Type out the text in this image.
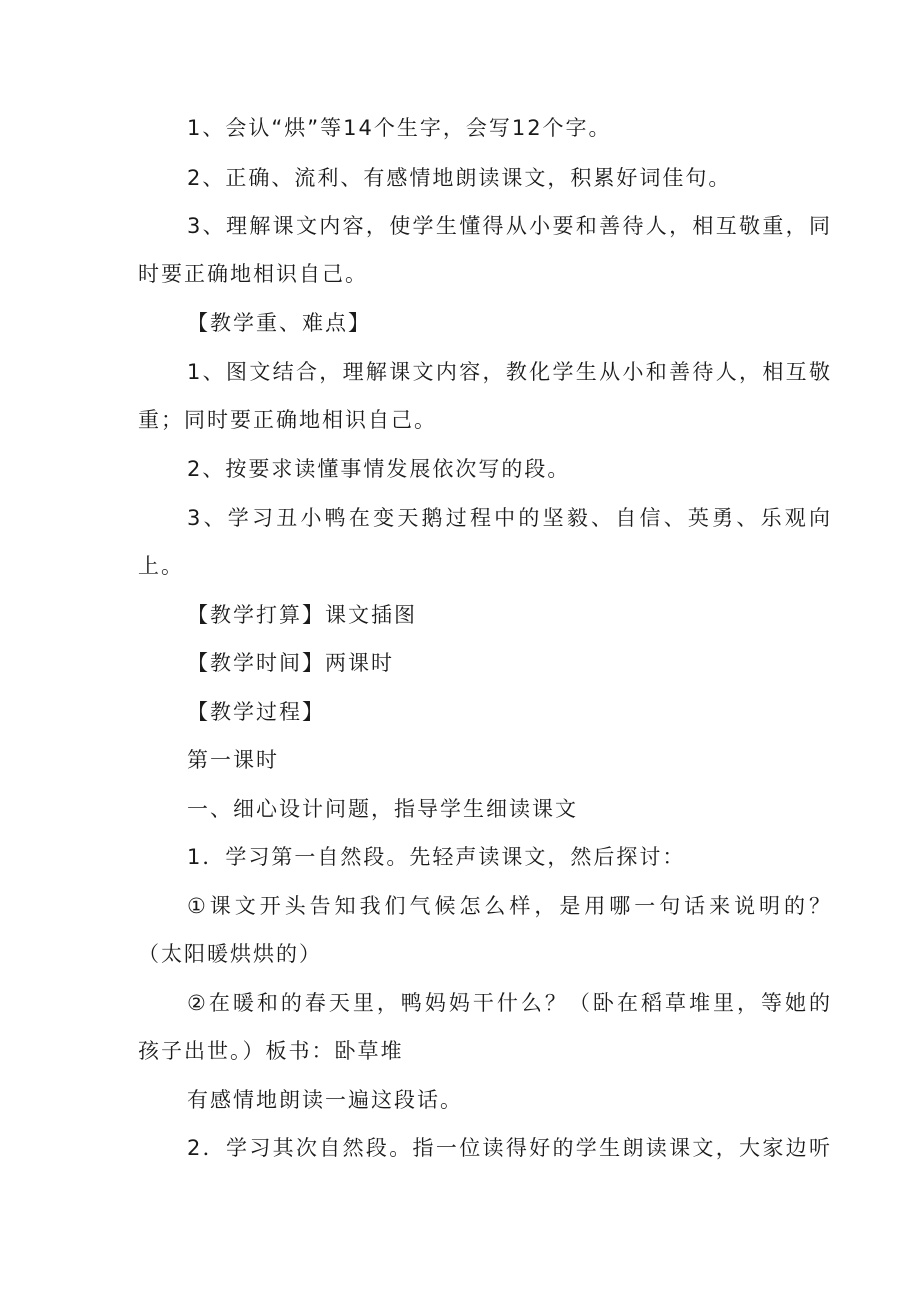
1、会认“烘”等14个生字，会写12个字。
2、正确、流利、有感情地朗读课文，积累好词佳句。
3、理解课文内容，使学生懂得从小要和善待人，相互敬重，同
时要正确地相识自己。
【教学重、难点】
1、图文结合，理解课文内容，教化学生从小和善待人，相互敬
重；同时要正确地相识自己。
2、按要求读懂事情发展依次写的段。
3、学习丑小鸭在变天鹅过程中的坚毅、自信、英勇、乐观向
上。
【教学打算】课文插图
【教学时间】两课时
【教学过程】
第一课时
一、细心设计问题，指导学生细读课文
1．学习第一自然段。先轻声读课文，然后探讨：
①课文开头告知我们气候怎么样，是用哪一句话来说明的？
（太阳暖烘烘的）
②在暖和的春天里，鸭妈妈干什么？（卧在稻草堆里，等她的
孩子出世。）板书：卧草堆
有感情地朗读一遍这段话。
2．学习其次自然段。指一位读得好的学生朗读课文，大家边听
